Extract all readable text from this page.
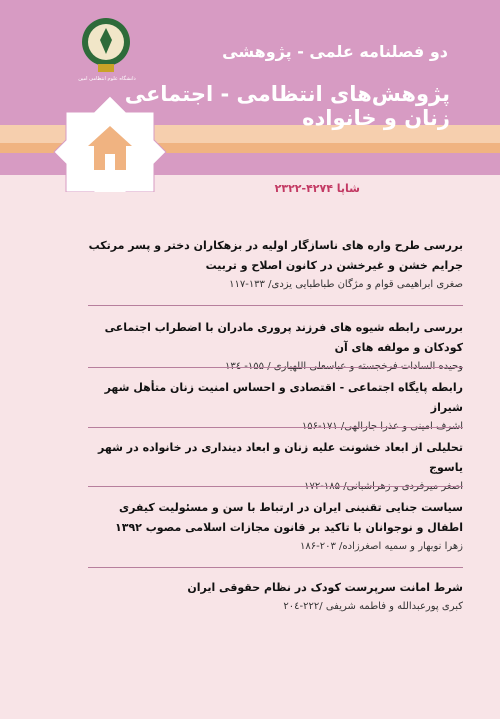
دانشگاه علوم انتظامی امین
دو فصلنامه علمی - پژوهشی
پژوهش‌های انتظامی - اجتماعی
زنان و خانواده
شاپا ۴۲۷۴-۲۳۲۲
بررسی طرح واره های ناسازگار اولیه در بزهکاران دختر و پسر مرتکب جرایم خشن و غیرخشن در کانون اصلاح و تربیت
صغری ابراهیمی قوام و مژگان طباطبایی یزدی/ ۱۳۳-۱۱۷
بررسی رابطه شیوه های فرزند پروری مادران با اضطراب اجتماعی کودکان و مولفه های آن
رابطه پایگاه اجتماعی - اقتصادی و احساس امنیت زنان متأهل شهر شیراز
تحلیلی از ابعاد خشونت علیه زنان و ابعاد دینداری در خانواده در شهر یاسوج
سیاست جنایی تقنینی ایران در ارتباط با سن و مسئولیت کیفری اطفال و نوجوانان با تاکید بر قانون مجازات اسلامی مصوب ۱۳۹۲
زهرا نوبهار و سمیه اصغرزاده/ ۲۰۳-۱۸۶
شرط امانت سرپرست کودک در نظام حقوقی ایران
کبری پورعبدالله و فاطمه شریفی /۲۲۲-۲۰٤
